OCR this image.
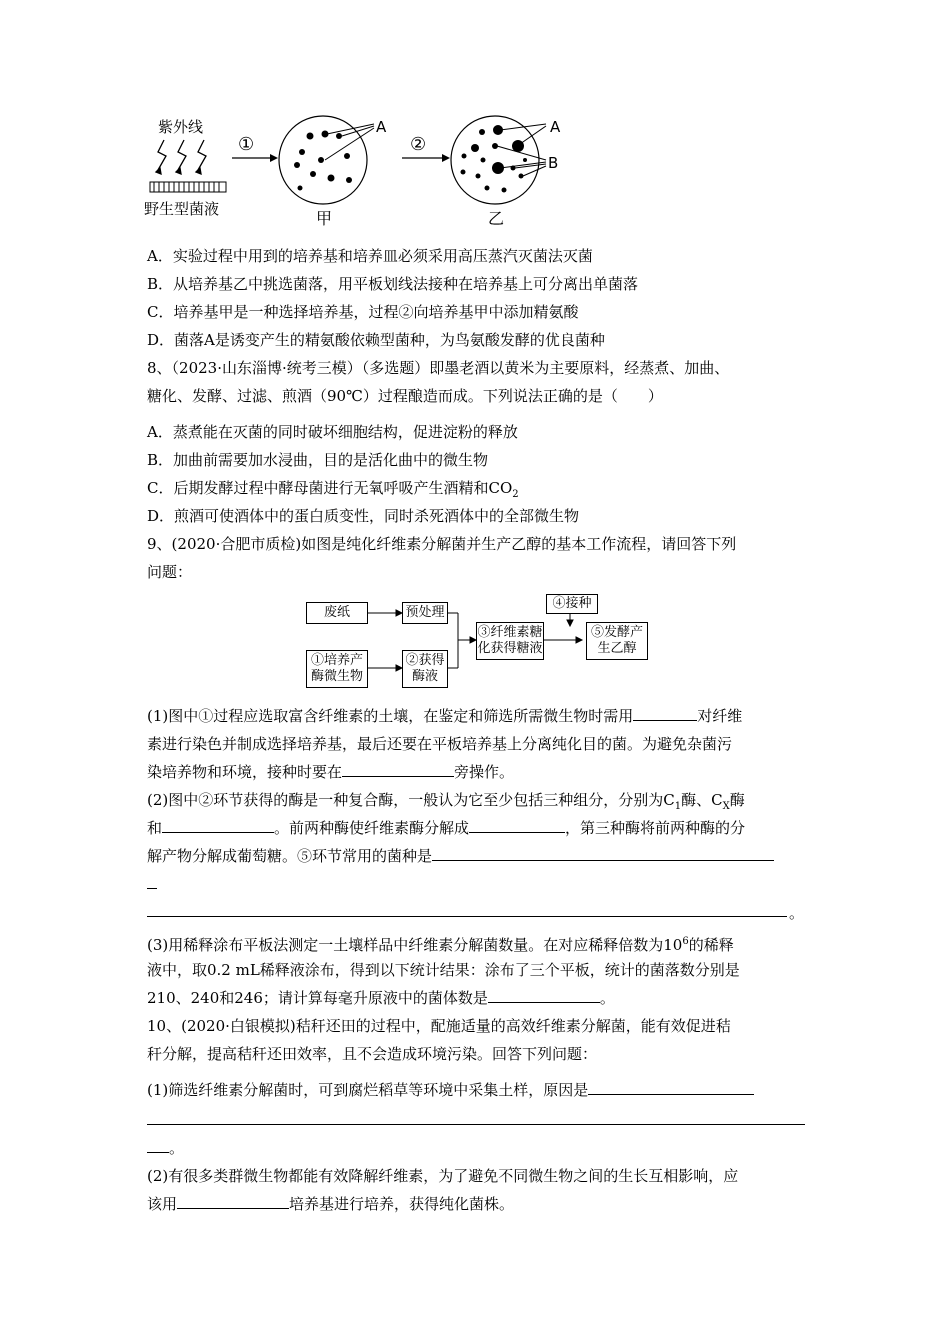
紫外线
野生型菌液
①
A
甲
②
A
B
乙
A．实验过程中用到的培养基和培养皿必须采用高压蒸汽灭菌法灭菌
B．从培养基乙中挑选菌落，用平板划线法接种在培养基上可分离出单菌落
C．培养基甲是一种选择培养基，过程②向培养基甲中添加精氨酸
D．菌落A是诱变产生的精氨酸依赖型菌种，为鸟氨酸发酵的优良菌种
8、（2023·山东淄博·统考三模）（多选题）即墨老酒以黄米为主要原料，经蒸煮、加曲、
糖化、发酵、过滤、煎酒（90℃）过程酿造而成。下列说法正确的是（　　）
A．蒸煮能在灭菌的同时破坏细胞结构，促进淀粉的释放
B．加曲前需要加水浸曲，目的是活化曲中的微生物
C．后期发酵过程中酵母菌进行无氧呼吸产生酒精和$CO_2$
D．煎酒可使酒体中的蛋白质变性，同时杀死酒体中的全部微生物
9、(2020·合肥市质检)如图是纯化纤维素分解菌并生产乙醇的基本工作流程，请回答下列
问题：
废纸	预处理
④接种
③纤维素糖
化获得糖液
⑤发酵产
生乙醇
①培养产
酶微生物
②获得
酶液
(1)图中①过程应选取富含纤维素的土壤，在鉴定和筛选所需微生物时需用	对纤维
素进行染色并制成选择培养基，最后还要在平板培养基上分离纯化目的菌。为避免杂菌污
染培养物和环境，接种时要在	旁操作。
(2)图中②环节获得的酶是一种复合酶，一般认为它至少包括三种组分，分别为$C_1$酶、$C_X$酶
和	。前两种酶使纤维素酶分解成	，第三种酶将前两种酶的分
解产物分解成葡萄糖。⑤环节常用的菌种是
。
(3)用稀释涂布平板法测定一土壤样品中纤维素分解菌数量。在对应稀释倍数为$10^6$的稀释
液中，取0.2 mL稀释液涂布，得到以下统计结果：涂布了三个平板，统计的菌落数分别是
210、240和246；请计算每毫升原液中的菌体数是	。
10、(2020·白银模拟)秸秆还田的过程中，配施适量的高效纤维素分解菌，能有效促进秸
秆分解，提高秸秆还田效率，且不会造成环境污染。回答下列问题：
(1)筛选纤维素分解菌时，可到腐烂稻草等环境中采集土样，原因是
。
(2)有很多类群微生物都能有效降解纤维素，为了避免不同微生物之间的生长互相影响，应
该用	培养基进行培养，获得纯化菌株。
